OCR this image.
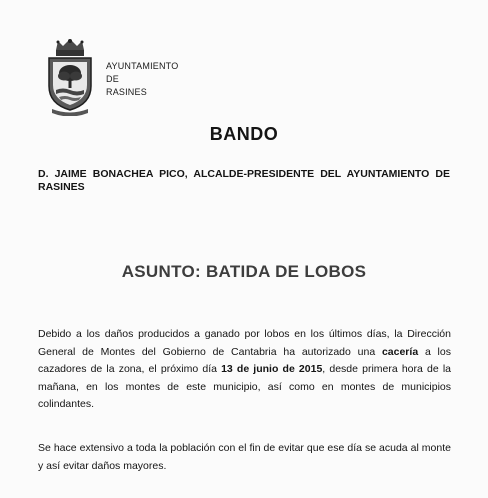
AYUNTAMIENTO
DE
RASINES
BANDO
D. JAIME BONACHEA PICO, ALCALDE-PRESIDENTE DEL AYUNTAMIENTO DE RASINES
ASUNTO: BATIDA DE LOBOS
Debido a los daños producidos a ganado por lobos en los últimos días, la Dirección General de Montes del Gobierno de Cantabria ha autorizado una cacería a los cazadores de la zona, el próximo día 13 de junio de 2015, desde primera hora de la mañana, en los montes de este municipio, así como en montes de municipios colindantes.
Se hace extensivo a toda la población con el fin de evitar que ese día se acuda al monte y así evitar daños mayores.
